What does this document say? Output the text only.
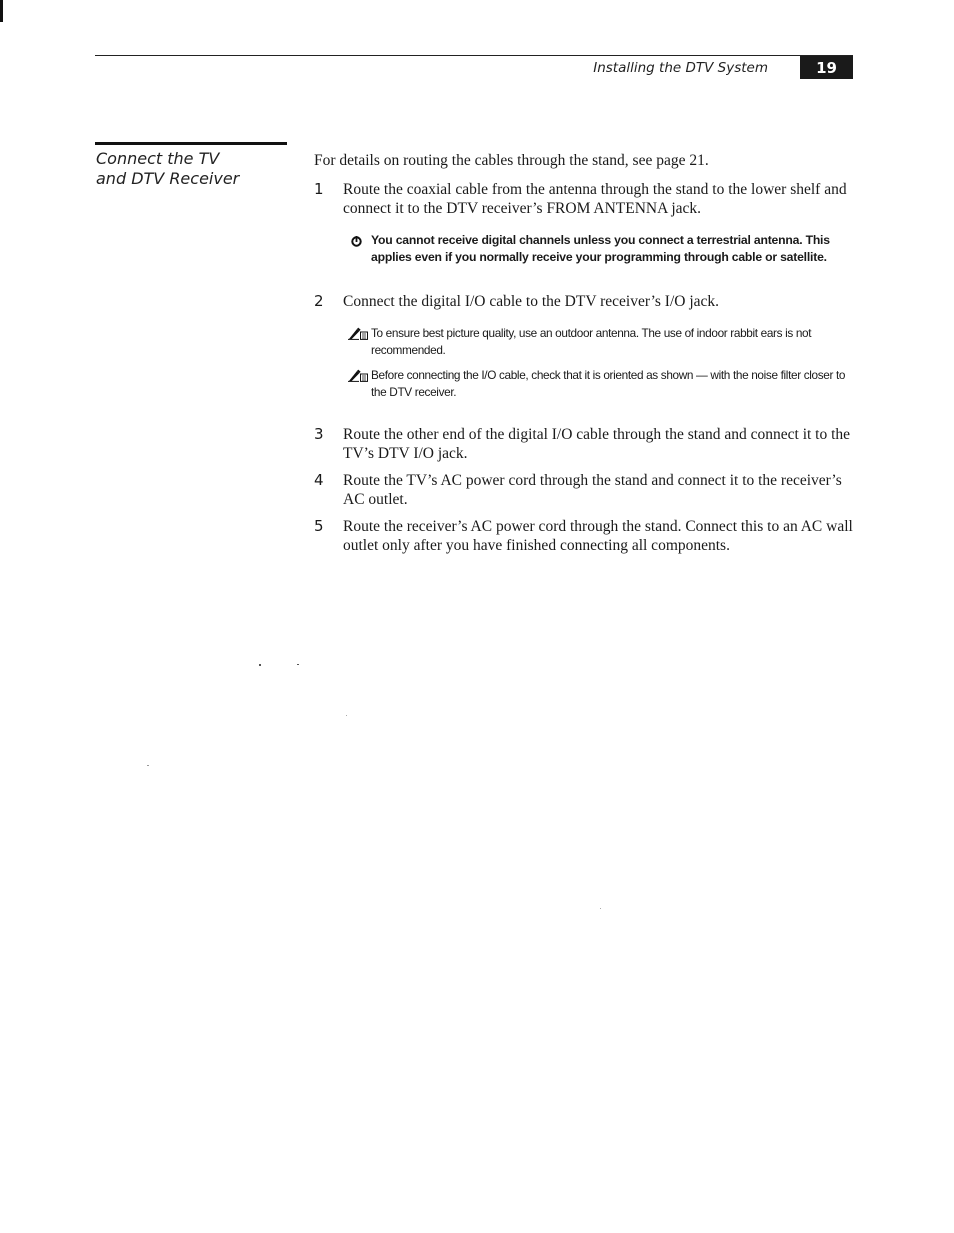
Installing the DTV System	19
Connect the TV
and DTV Receiver

For details on routing the cables through the stand, see page 21.

1 Route the coaxial cable from the antenna through the stand to the lower shelf and connect it to the DTV receiver’s FROM ANTENNA jack.
You cannot receive digital channels unless you connect a terrestrial antenna. This applies even if you normally receive your programming through cable or satellite.
2 Connect the digital I/O cable to the DTV receiver’s I/O jack.
To ensure best picture quality, use an outdoor antenna. The use of indoor rabbit ears is not recommended.
Before connecting the I/O cable, check that it is oriented as shown — with the noise filter closer to the DTV receiver.
3 Route the other end of the digital I/O cable through the stand and connect it to the TV’s DTV I/O jack.
4 Route the TV’s AC power cord through the stand and connect it to the receiver’s AC outlet.
5 Route the receiver’s AC power cord through the stand. Connect this to an AC wall outlet only after you have finished connecting all components.
